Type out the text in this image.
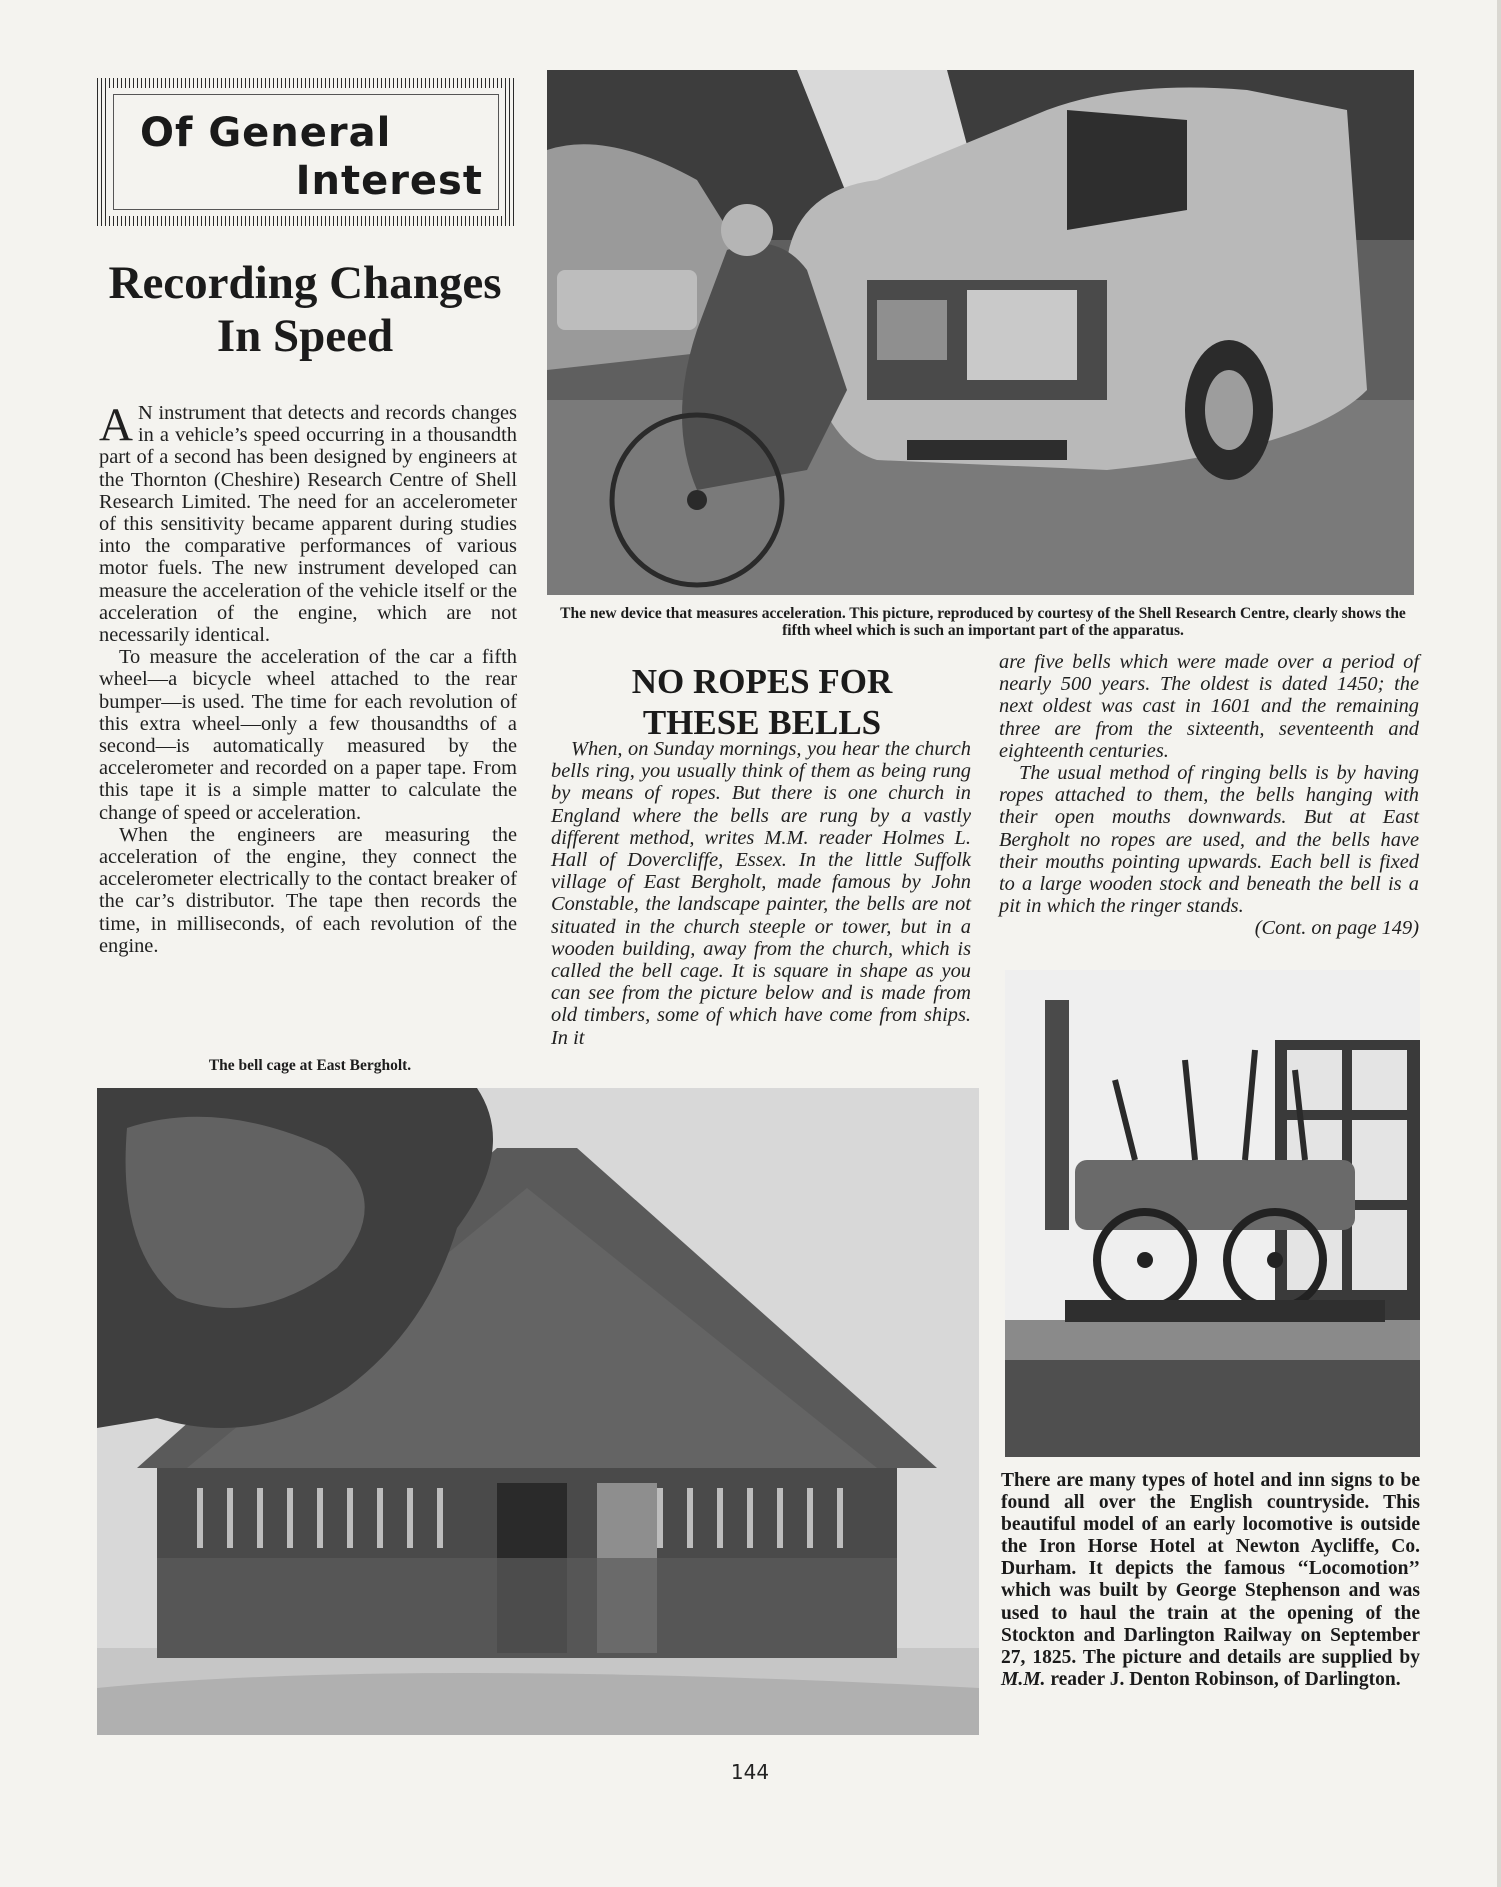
Of General
Interest
Recording Changes
In Speed

A N instrument that detects and records changes in a vehicle’s speed occurring in a thousandth part of a second has been designed by engineers at the Thornton (Cheshire) Research Centre of Shell Research Limited. The need for an accelerometer of this sensitivity became apparent during studies into the comparative performances of various motor fuels. The new instrument developed can measure the acceleration of the vehicle itself or the acceleration of the engine, which are not necessarily identical.

To measure the acceleration of the car a fifth wheel—a bicycle wheel attached to the rear bumper—is used. The time for each revolution of this extra wheel—only a few thousandths of a second—is automatically measured by the accelerometer and recorded on a paper tape. From this tape it is a simple matter to calculate the change of speed or acceleration.

When the engineers are measuring the acceleration of the engine, they connect the accelerometer electrically to the contact breaker of the car’s distributor. The tape then records the time, in milliseconds, of each revolution of the engine.

The new device that measures acceleration. This picture, reproduced by courtesy of the Shell Research Centre, clearly shows the fifth wheel which is such an important part of the apparatus.
NO ROPES FOR
THESE BELLS

When, on Sunday mornings, you hear the church bells ring, you usually think of them as being rung by means of ropes. But there is one church in England where the bells are rung by a vastly different method, writes M.M. reader Holmes L. Hall of Dovercliffe, Essex. In the little Suffolk village of East Bergholt, made famous by John Constable, the landscape painter, the bells are not situated in the church steeple or tower, but in a wooden building, away from the church, which is called the bell cage. It is square in shape as you can see from the picture below and is made from old timbers, some of which have come from ships. In it

are five bells which were made over a period of nearly 500 years. The oldest is dated 1450; the next oldest was cast in 1601 and the remaining three are from the sixteenth, seventeenth and eighteenth centuries.

The usual method of ringing bells is by having ropes attached to them, the bells hanging with their open mouths downwards. But at East Bergholt no ropes are used, and the bells have their mouths pointing upwards. Each bell is fixed to a large wooden stock and beneath the bell is a pit in which the ringer stands.
(Cont. on page 149)

The bell cage at East Bergholt.
There are many types of hotel and inn signs to be found all over the English countryside. This beautiful model of an early locomotive is outside the Iron Horse Hotel at Newton Aycliffe, Co. Durham. It depicts the famous ‘‘Locomotion’’ which was built by George Stephenson and was used to haul the train at the opening of the Stockton and Darlington Railway on September 27, 1825. The picture and details are supplied by M.M. reader J. Denton Robinson, of Darlington.
144
